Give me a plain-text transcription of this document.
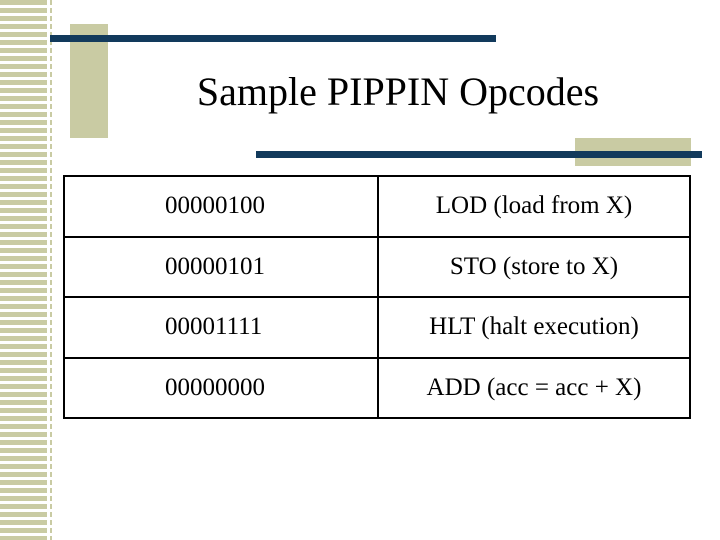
Sample PIPPIN Opcodes
00000100	LOD (load from X)
00000101	STO (store to X)
00001111	HLT (halt execution)
00000000	ADD (acc = acc + X)
